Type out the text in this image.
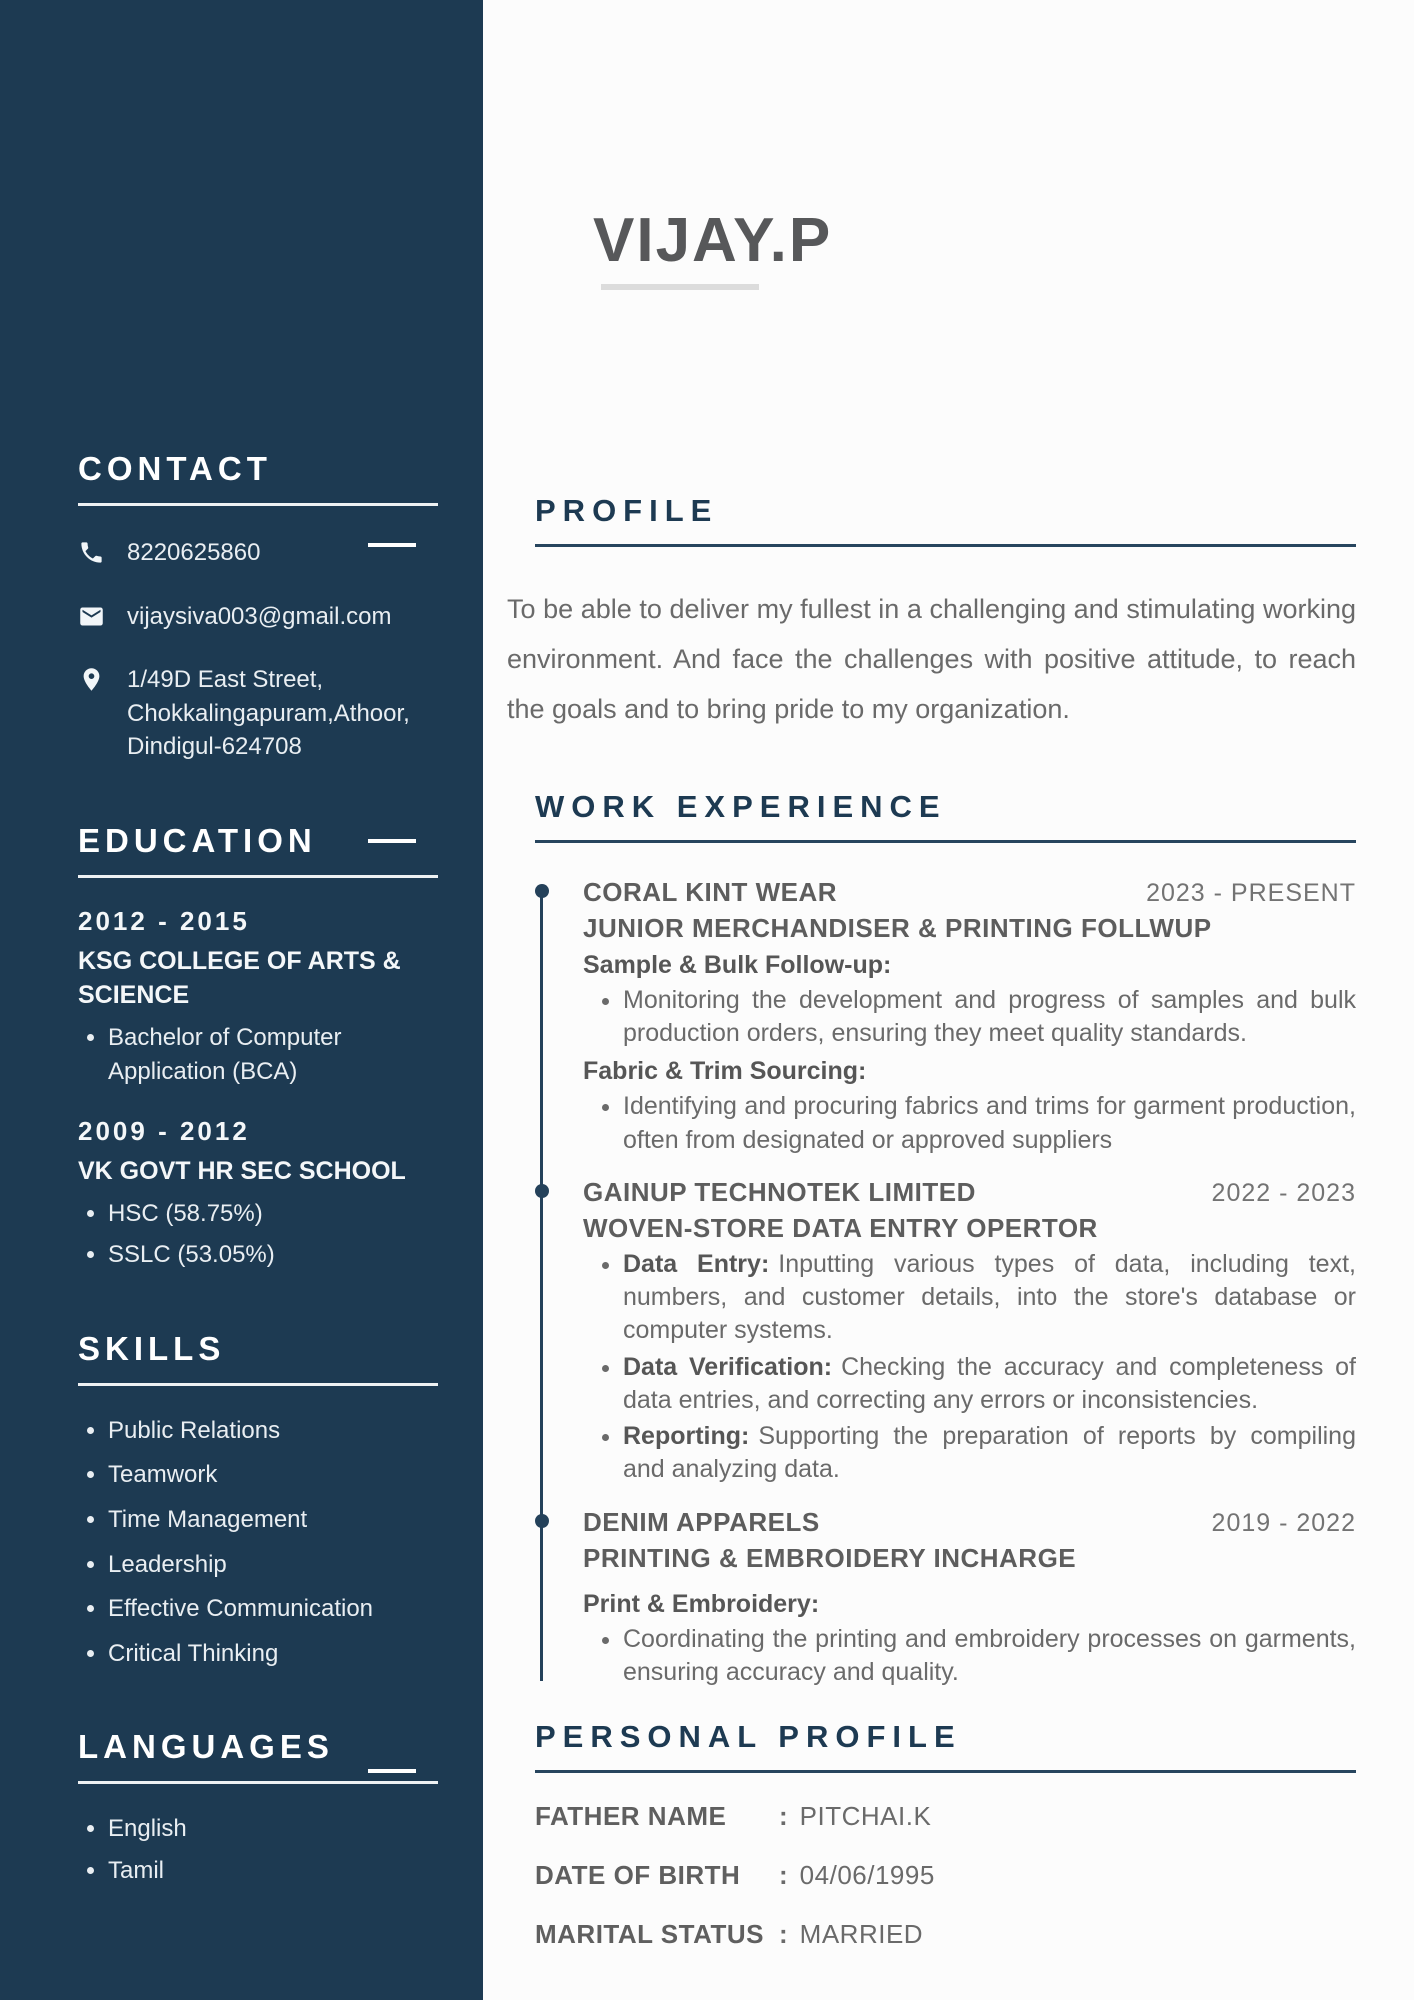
CONTACT
8220625860
vijaysiva003@gmail.com
1/49D East Street,
Chokkalingapuram,Athoor,
Dindigul-624708
EDUCATION
2012 - 2015
KSG COLLEGE OF ARTS & SCIENCE
• Bachelor of Computer Application (BCA)
2009 - 2012
VK GOVT HR SEC SCHOOL
• HSC (58.75%)
• SSLC (53.05%)
SKILLS
• Public Relations
• Teamwork
• Time Management
• Leadership
• Effective Communication
• Critical Thinking
LANGUAGES
• English
• Tamil
VIJAY.P
PROFILE

To be able to deliver my fullest in a challenging and stimulating working environment. And face the challenges with positive attitude, to reach the goals and to bring pride to my organization.

WORK EXPERIENCE
CORAL KINT WEAR	2023 - PRESENT
JUNIOR MERCHANDISER & PRINTING FOLLWUP
Sample & Bulk Follow-up:
• Monitoring the development and progress of samples and bulk production orders, ensuring they meet quality standards.
Fabric & Trim Sourcing:
• Identifying and procuring fabrics and trims for garment production, often from designated or approved suppliers
GAINUP TECHNOTEK LIMITED	2022 - 2023
WOVEN-STORE DATA ENTRY OPERTOR
• Data Entry: Inputting various types of data, including text, numbers, and customer details, into the store's database or computer systems.
• Data Verification: Checking the accuracy and completeness of data entries, and correcting any errors or inconsistencies.
• Reporting: Supporting the preparation of reports by compiling and analyzing data.
DENIM APPARELS	2019 - 2022
PRINTING & EMBROIDERY INCHARGE
Print & Embroidery:
• Coordinating the printing and embroidery processes on garments, ensuring accuracy and quality.
PERSONAL PROFILE
FATHER NAME	: PITCHAI.K
DATE OF BIRTH	: 04/06/1995
MARITAL STATUS : MARRIED
